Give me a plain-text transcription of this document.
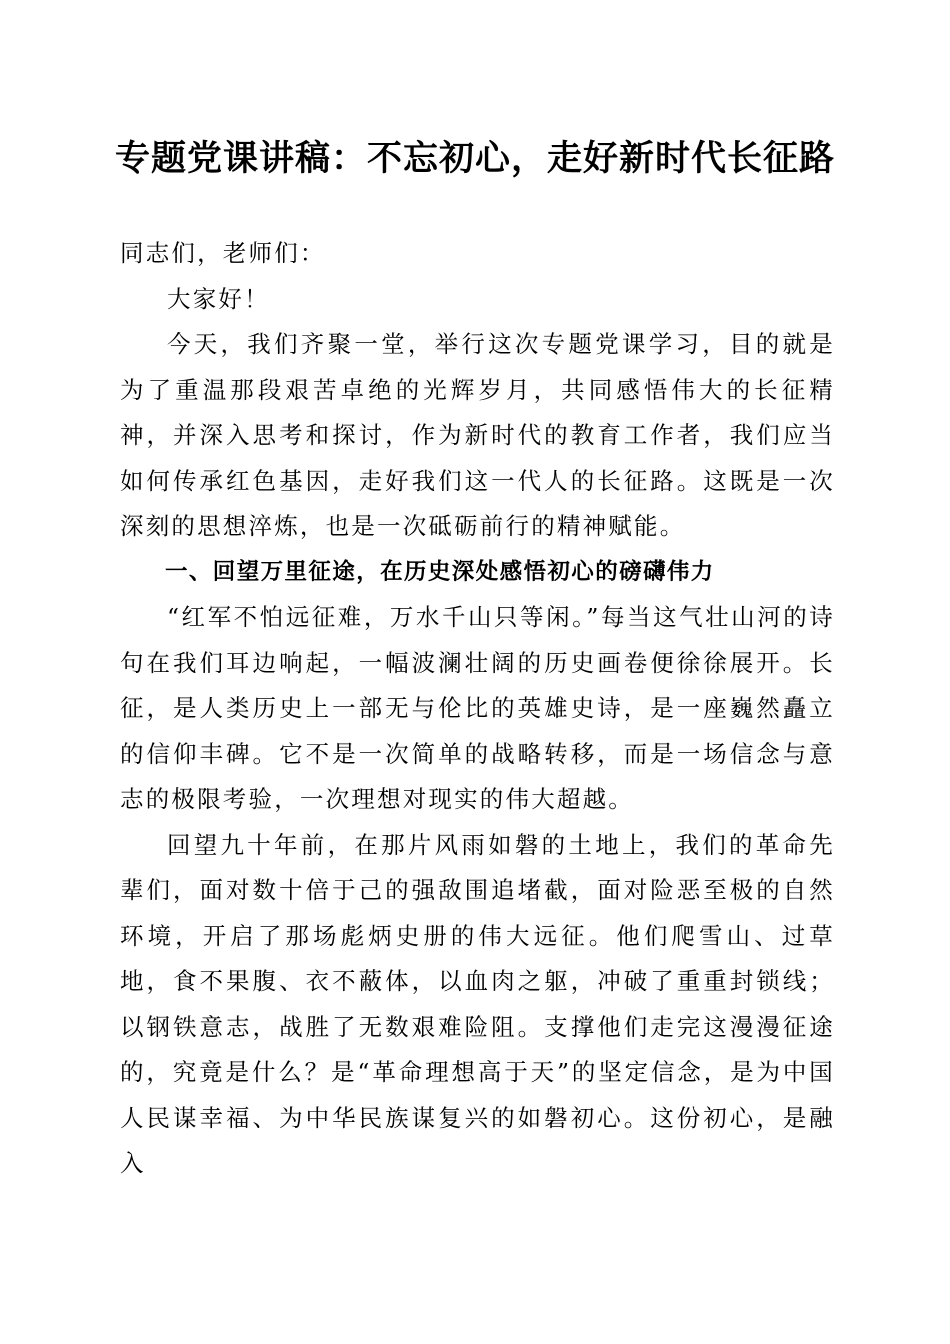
专题党课讲稿：不忘初心，走好新时代长征路

同志们，老师们：

大家好！

今天，我们齐聚一堂，举行这次专题党课学习，目的就是为了重温那段艰苦卓绝的光辉岁月，共同感悟伟大的长征精神，并深入思考和探讨，作为新时代的教育工作者，我们应当如何传承红色基因，走好我们这一代人的长征路。这既是一次深刻的思想淬炼，也是一次砥砺前行的精神赋能。

一、回望万里征途，在历史深处感悟初心的磅礴伟力

“红军不怕远征难，万水千山只等闲。”每当这气壮山河的诗句在我们耳边响起，一幅波澜壮阔的历史画卷便徐徐展开。长征，是人类历史上一部无与伦比的英雄史诗，是一座巍然矗立的信仰丰碑。它不是一次简单的战略转移，而是一场信念与意志的极限考验，一次理想对现实的伟大超越。

回望九十年前，在那片风雨如磐的土地上，我们的革命先辈们，面对数十倍于己的强敌围追堵截，面对险恶至极的自然环境，开启了那场彪炳史册的伟大远征。他们爬雪山、过草地，食不果腹、衣不蔽体，以血肉之躯，冲破了重重封锁线；以钢铁意志，战胜了无数艰难险阻。支撑他们走完这漫漫征途的，究竟是什么？是“革命理想高于天”的坚定信念，是为中国人民谋幸福、为中华民族谋复兴的如磐初心。这份初心，是融入
